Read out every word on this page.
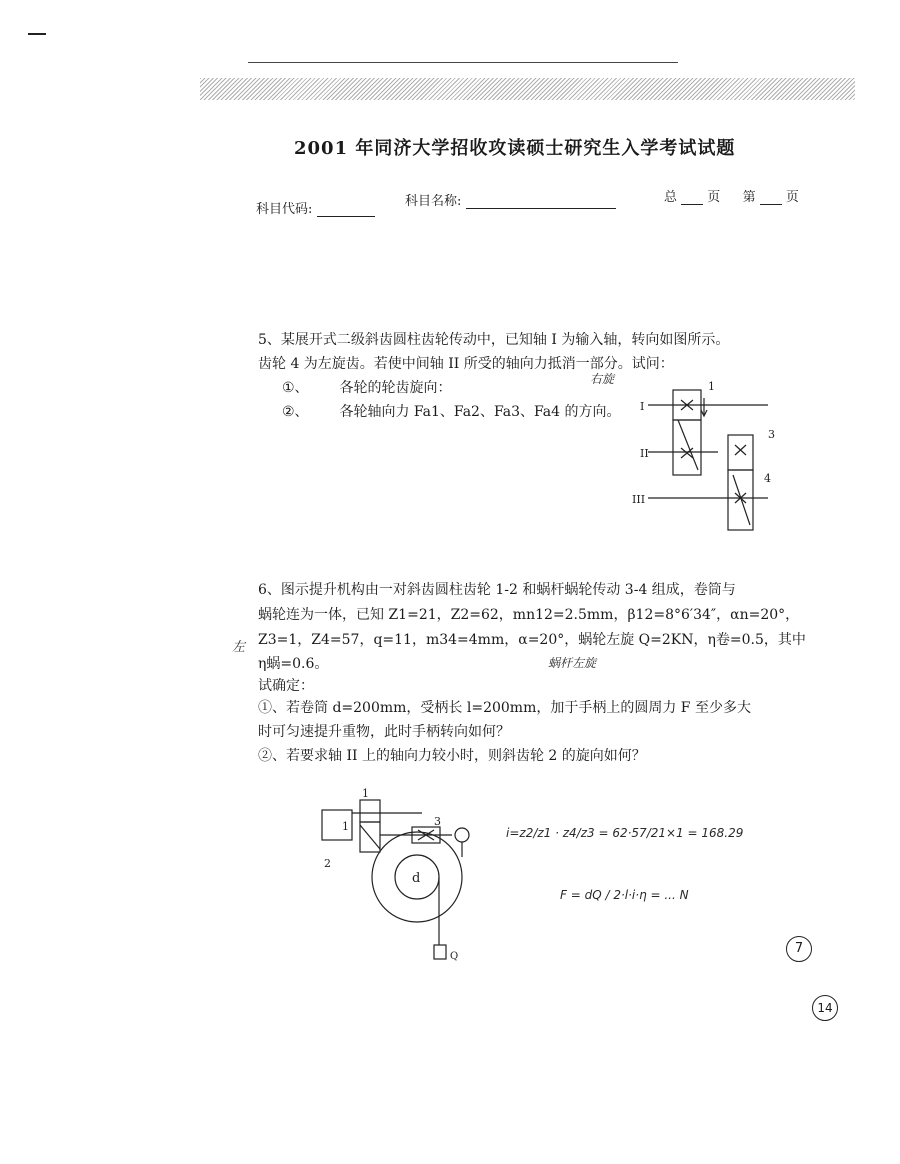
2001 年同济大学招收攻读硕士研究生入学考试试题
科目代码:
科目名称:	总 页 第 页
5、某展开式二级斜齿圆柱齿轮传动中，已知轴 I 为输入轴，转向如图所示。
齿轮 4 为左旋齿。若使中间轴 II 所受的轴向力抵消一部分。试问：
①、 各轮的轮齿旋向：
②、 各轮轴向力 Fa1、Fa2、Fa3、Fa4 的方向。
右旋
I
II
III
1
3
4
6、图示提升机构由一对斜齿圆柱齿轮 1-2 和蜗杆蜗轮传动 3-4 组成，卷筒与
蜗轮连为一体，已知 Z1=21，Z2=62，mn12=2.5mm，β12=8°6′34″，αn=20°，
Z3=1，Z4=57，q=11，m34=4mm，α=20°，蜗轮左旋 Q=2KN，η卷=0.5，其中
η蜗=0.6。
试确定：
①、若卷筒 d=200mm，受柄长 l=200mm，加于手柄上的圆周力 F 至少多大
时可匀速提升重物，此时手柄转向如何？
②、若要求轴 II 上的轴向力较小时，则斜齿轮 2 的旋向如何？
左
蜗杆左旋
1
1
2
3
d
Q
i=z2/z1 · z4/z3 = 62·57/21×1 = 168.29
F = dQ / 2·l·i·η = ... N
7
14
